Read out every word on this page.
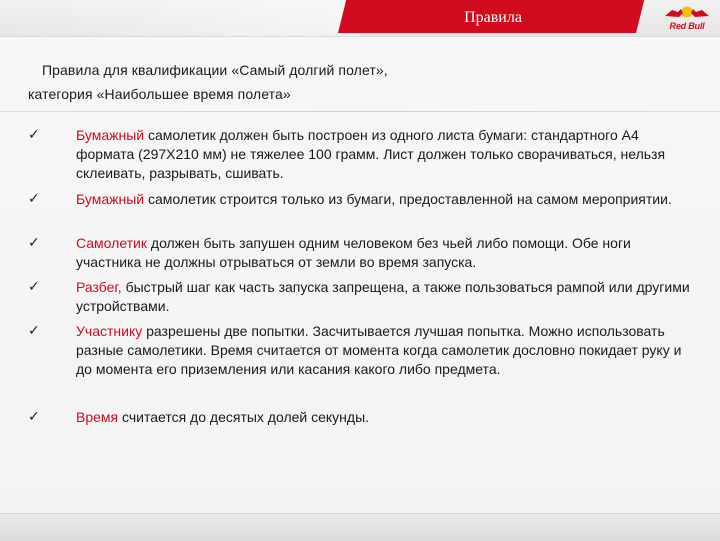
Правила	Red Bull
Правила для квалификации «Самый долгий полет»,
категория «Наибольшее время полета»
✓	Бумажный самолетик должен быть построен из одного листа бумаги: стандартного А4 формата (297Х210 мм) не тяжелее 100 грамм. Лист должен только сворачиваться, нельзя склеивать, разрывать, сшивать.
✓	Бумажный самолетик строится только из бумаги, предоставленной на самом мероприятии.
✓	Самолетик должен быть запушен одним человеком без чьей либо помощи. Обе ноги участника не должны отрываться от земли во время запуска.
✓	Разбег, быстрый шаг как часть запуска запрещена, а также пользоваться рампой или другими устройствами.
✓	Участнику разрешены две попытки. Засчитывается лучшая попытка. Можно использовать разные самолетики. Время считается от момента когда самолетик дословно покидает руку и до момента его приземления или касания какого либо предмета.
✓	Время считается до десятых долей секунды.
